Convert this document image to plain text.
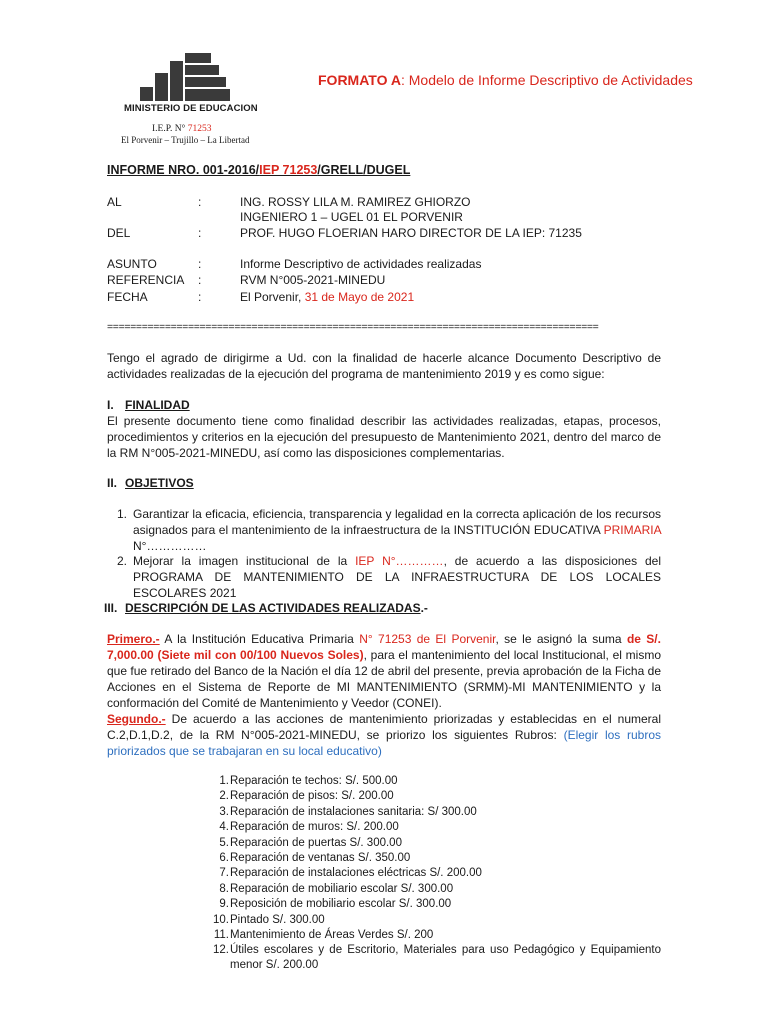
MINISTERIO DE EDUCACION
I.E.P. N° 71253
El Porvenir – Trujillo – La Libertad
FORMATO A: Modelo de Informe Descriptivo de Actividades
INFORME NRO. 001-2016/IEP 71253/GRELL/DUGEL
AL	:	ING. ROSSY LILA M. RAMIREZ GHIORZO
INGENIERO 1 – UGEL 01 EL PORVENIR
DEL	:	PROF. HUGO FLOERIAN HARO DIRECTOR DE LA IEP: 71235
ASUNTO	:	Informe Descriptivo de actividades realizadas
REFERENCIA :	RVM N°005-2021-MINEDU
FECHA	:	El Porvenir, 31 de Mayo de 2021
=====================================================================================
Tengo el agrado de dirigirme a Ud. con la finalidad de hacerle alcance Documento Descriptivo de actividades realizadas de la ejecución del programa de mantenimiento 2019 y es como sigue:
I. FINALIDAD
El presente documento tiene como finalidad describir las actividades realizadas, etapas, procesos, procedimientos y criterios en la ejecución del presupuesto de Mantenimiento 2021, dentro del marco de la RM N°005-2021-MINEDU, así como las disposiciones complementarias.
II. OBJETIVOS
1. Garantizar la eficacia, eficiencia, transparencia y legalidad en la correcta aplicación de los recursos asignados para el mantenimiento de la infraestructura de la INSTITUCIÓN EDUCATIVA PRIMARIA N°……………
2. Mejorar la imagen institucional de la IEP N°…………, de acuerdo a las disposiciones del PROGRAMA DE MANTENIMIENTO DE LA INFRAESTRUCTURA DE LOS LOCALES ESCOLARES 2021
III. DESCRIPCIÓN DE LAS ACTIVIDADES REALIZADAS.-
Primero.- A la Institución Educativa Primaria N° 71253 de El Porvenir, se le asignó la suma de S/. 7,000.00 (Siete mil con 00/100 Nuevos Soles), para el mantenimiento del local Institucional, el mismo que fue retirado del Banco de la Nación el día 12 de abril del presente, previa aprobación de la Ficha de Acciones en el Sistema de Reporte de MI MANTENIMIENTO (SRMM)-MI MANTENIMIENTO y la conformación del Comité de Mantenimiento y Veedor (CONEI).
Segundo.- De acuerdo a las acciones de mantenimiento priorizadas y establecidas en el numeral C.2,D.1,D.2, de la RM N°005-2021-MINEDU, se priorizo los siguientes Rubros: (Elegir los rubros priorizados que se trabajaran en su local educativo)
1. Reparación te techos: S/. 500.00
2. Reparación de pisos: S/. 200.00
3. Reparación de instalaciones sanitaria: S/ 300.00
4. Reparación de muros: S/. 200.00
5. Reparación de puertas S/. 300.00
6. Reparación de ventanas S/. 350.00
7. Reparación de instalaciones eléctricas S/. 200.00
8. Reparación de mobiliario escolar S/. 300.00
9. Reposición de mobiliario escolar S/. 300.00
10. Pintado S/. 300.00
11. Mantenimiento de Áreas Verdes S/. 200
12. Útiles escolares y de Escritorio, Materiales para uso Pedagógico y Equipamiento menor S/. 200.00
